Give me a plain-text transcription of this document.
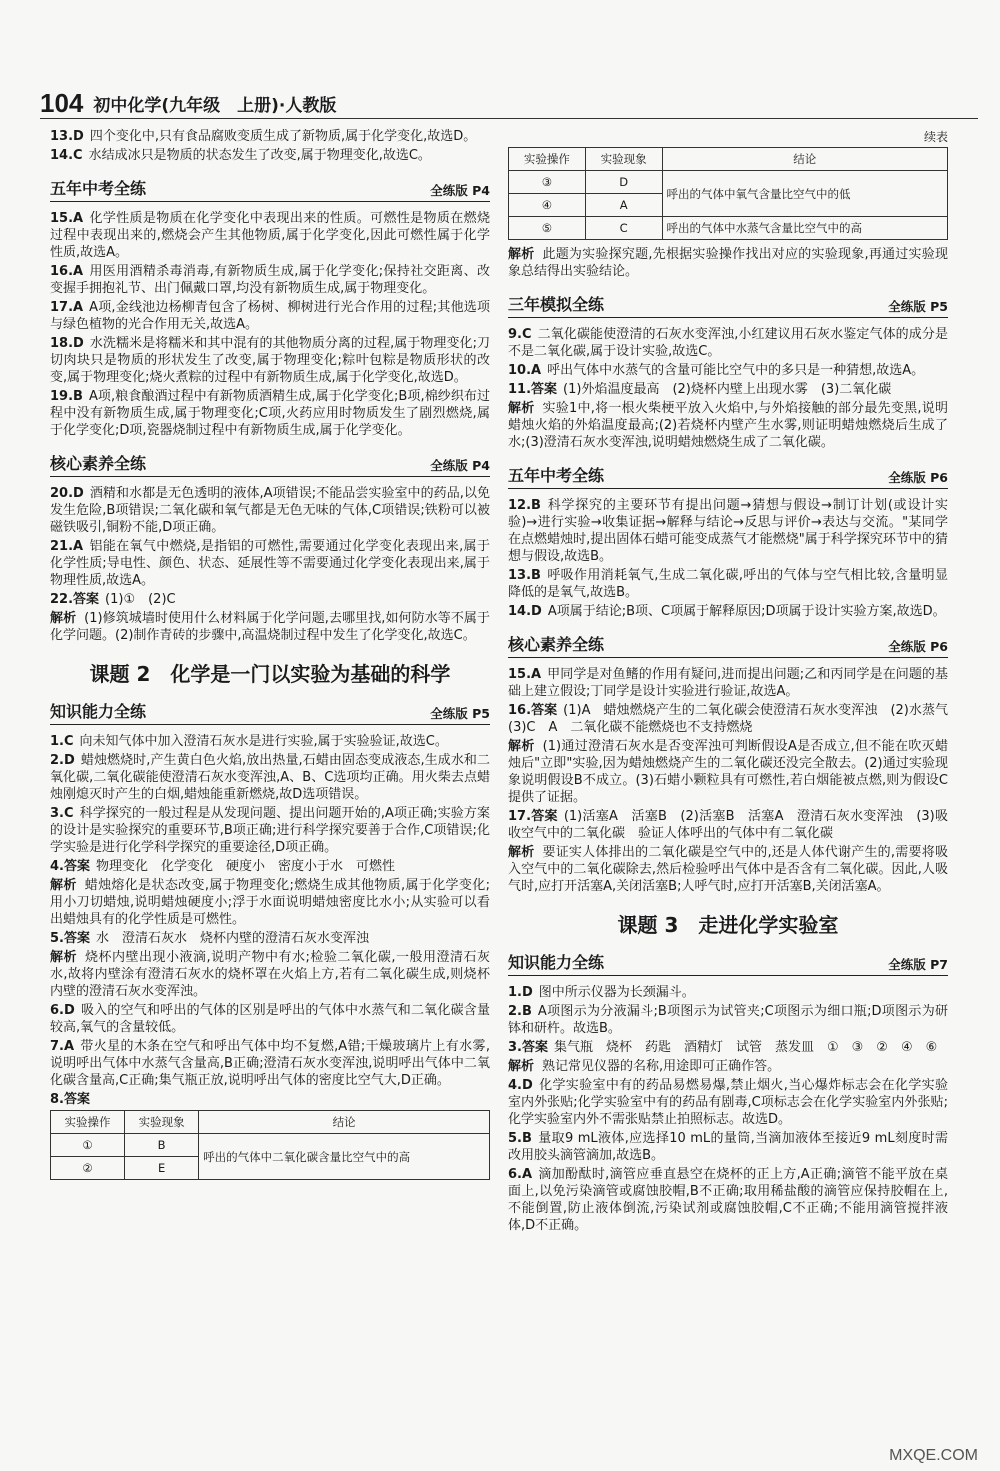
104 初中化学(九年级　上册)·人教版

13.D 四个变化中,只有食品腐败变质生成了新物质,属于化学变化,故选D。

14.C 水结成冰只是物质的状态发生了改变,属于物理变化,故选C。

五年中考全练	全练版 P4

15.A 化学性质是物质在化学变化中表现出来的性质。可燃性是物质在燃烧过程中表现出来的,燃烧会产生其他物质,属于化学变化,因此可燃性属于化学性质,故选A。

16.A 用医用酒精杀毒消毒,有新物质生成,属于化学变化;保持社交距离、改变握手拥抱礼节、出门佩戴口罩,均没有新物质生成,属于物理变化。

17.A A项,金线池边杨柳青包含了杨树、柳树进行光合作用的过程;其他选项与绿色植物的光合作用无关,故选A。

18.D 水洗糯米是将糯米和其中混有的其他物质分离的过程,属于物理变化;刀切肉块只是物质的形状发生了改变,属于物理变化;粽叶包粽是物质形状的改变,属于物理变化;烧火煮粽的过程中有新物质生成,属于化学变化,故选D。

19.B A项,粮食酿酒过程中有新物质酒精生成,属于化学变化;B项,棉纱织布过程中没有新物质生成,属于物理变化;C项,火药应用时物质发生了剧烈燃烧,属于化学变化;D项,瓷器烧制过程中有新物质生成,属于化学变化。

核心素养全练	全练版 P4

20.D 酒精和水都是无色透明的液体,A项错误;不能品尝实验室中的药品,以免发生危险,B项错误;二氧化碳和氧气都是无色无味的气体,C项错误;铁粉可以被磁铁吸引,铜粉不能,D项正确。

21.A 铝能在氧气中燃烧,是指铝的可燃性,需要通过化学变化表现出来,属于化学性质;导电性、颜色、状态、延展性等不需要通过化学变化表现出来,属于物理性质,故选A。

22.答案 (1)①　(2)C

解析 (1)修筑城墙时使用什么材料属于化学问题,去哪里找,如何防水等不属于化学问题。(2)制作青砖的步骤中,高温烧制过程中发生了化学变化,故选C。

课题 2　化学是一门以实验为基础的科学
知识能力全练	全练版 P5

1.C 向未知气体中加入澄清石灰水是进行实验,属于实验验证,故选C。

2.D 蜡烛燃烧时,产生黄白色火焰,放出热量,石蜡由固态变成液态,生成水和二氧化碳,二氧化碳能使澄清石灰水变浑浊,A、B、C选项均正确。用火柴去点蜡烛刚熄灭时产生的白烟,蜡烛能重新燃烧,故D选项错误。

3.C 科学探究的一般过程是从发现问题、提出问题开始的,A项正确;实验方案的设计是实验探究的重要环节,B项正确;进行科学探究要善于合作,C项错误;化学实验是进行化学科学探究的重要途径,D项正确。

4.答案 物理变化　化学变化　硬度小　密度小于水　可燃性

解析 蜡烛熔化是状态改变,属于物理变化;燃烧生成其他物质,属于化学变化;用小刀切蜡烛,说明蜡烛硬度小;浮于水面说明蜡烛密度比水小;从实验可以看出蜡烛具有的化学性质是可燃性。

5.答案 水　澄清石灰水　烧杯内壁的澄清石灰水变浑浊

解析 烧杯内壁出现小液滴,说明产物中有水;检验二氧化碳,一般用澄清石灰水,故将内壁涂有澄清石灰水的烧杯罩在火焰上方,若有二氧化碳生成,则烧杯内壁的澄清石灰水变浑浊。

6.D 吸入的空气和呼出的气体的区别是呼出的气体中水蒸气和二氧化碳含量较高,氧气的含量较低。

7.A 带火星的木条在空气和呼出气体中均不复燃,A错;干燥玻璃片上有水雾,说明呼出气体中水蒸气含量高,B正确;澄清石灰水变浑浊,说明呼出气体中二氧化碳含量高,C正确;集气瓶正放,说明呼出气体的密度比空气大,D正确。

8.答案

实验操作	实验现象	结论
①	B	呼出的气体中二氧化碳含量比空气中的高
②	E	
续表
实验操作	实验现象	结论
③	D	呼出的气体中氧气含量比空气中的低
④	A	
⑤	C	呼出的气体中水蒸气含量比空气中的高

解析 此题为实验探究题,先根据实验操作找出对应的实验现象,再通过实验现象总结得出实验结论。

三年模拟全练	全练版 P5

9.C 二氧化碳能使澄清的石灰水变浑浊,小红建议用石灰水鉴定气体的成分是不是二氧化碳,属于设计实验,故选C。

10.A 呼出气体中水蒸气的含量可能比空气中的多只是一种猜想,故选A。

11.答案 (1)外焰温度最高　(2)烧杯内壁上出现水雾　(3)二氧化碳

解析 实验1中,将一根火柴梗平放入火焰中,与外焰接触的部分最先变黑,说明蜡烛火焰的外焰温度最高;(2)若烧杯内壁产生水雾,则证明蜡烛燃烧后生成了水;(3)澄清石灰水变浑浊,说明蜡烛燃烧生成了二氧化碳。

五年中考全练	全练版 P6

12.B 科学探究的主要环节有提出问题→猜想与假设→制订计划(或设计实验)→进行实验→收集证据→解释与结论→反思与评价→表达与交流。"某同学在点燃蜡烛时,提出固体石蜡可能变成蒸气才能燃烧"属于科学探究环节中的猜想与假设,故选B。

13.B 呼吸作用消耗氧气,生成二氧化碳,呼出的气体与空气相比较,含量明显降低的是氧气,故选B。

14.D A项属于结论;B项、C项属于解释原因;D项属于设计实验方案,故选D。

核心素养全练	全练版 P6

15.A 甲同学是对鱼鳍的作用有疑问,进而提出问题;乙和丙同学是在问题的基础上建立假设;丁同学是设计实验进行验证,故选A。

16.答案 (1)A　蜡烛燃烧产生的二氧化碳会使澄清石灰水变浑浊　(2)水蒸气　(3)C　A　二氧化碳不能燃烧也不支持燃烧

解析 (1)通过澄清石灰水是否变浑浊可判断假设A是否成立,但不能在吹灭蜡烛后"立即"实验,因为蜡烛燃烧产生的二氧化碳还没完全散去。(2)通过实验现象说明假设B不成立。(3)石蜡小颗粒具有可燃性,若白烟能被点燃,则为假设C提供了证据。

17.答案 (1)活塞A　活塞B　(2)活塞B　活塞A　澄清石灰水变浑浊　(3)吸收空气中的二氧化碳　验证人体呼出的气体中有二氧化碳

解析 要证实人体排出的二氧化碳是空气中的,还是人体代谢产生的,需要将吸入空气中的二氧化碳除去,然后检验呼出气体中是否含有二氧化碳。因此,人吸气时,应打开活塞A,关闭活塞B;人呼气时,应打开活塞B,关闭活塞A。

课题 3　走进化学实验室
知识能力全练	全练版 P7

1.D 图中所示仪器为长颈漏斗。

2.B A项图示为分液漏斗;B项图示为试管夹;C项图示为细口瓶;D项图示为研钵和研杵。故选B。

3.答案 集气瓶　烧杯　药匙　酒精灯　试管　蒸发皿　①　③　②　④　⑥

解析 熟记常见仪器的名称,用途即可正确作答。

4.D 化学实验室中有的药品易燃易爆,禁止烟火,当心爆炸标志会在化学实验室内外张贴;化学实验室中有的药品有剧毒,C项标志会在化学实验室内外张贴;化学实验室内外不需张贴禁止拍照标志。故选D。

5.B 量取9 mL液体,应选择10 mL的量筒,当滴加液体至接近9 mL刻度时需改用胶头滴管滴加,故选B。

6.A 滴加酚酞时,滴管应垂直悬空在烧杯的正上方,A正确;滴管不能平放在桌面上,以免污染滴管或腐蚀胶帽,B不正确;取用稀盐酸的滴管应保持胶帽在上,不能倒置,防止液体倒流,污染试剂或腐蚀胶帽,C不正确;不能用滴管搅拌液体,D不正确。

MXQE.COM
